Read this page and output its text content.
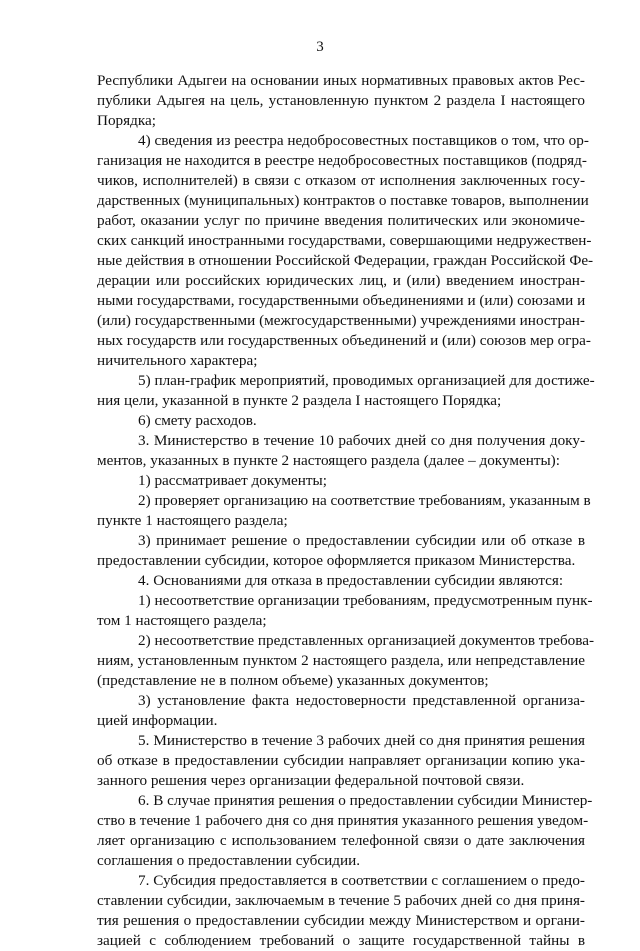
3
Республики Адыгеи на основании иных нормативных правовых актов Рес-
публики Адыгея на цель, установленную пунктом 2 раздела I настоящего
Порядка;
4) сведения из реестра недобросовестных поставщиков о том, что ор-
ганизация не находится в реестре недобросовестных поставщиков (подряд-
чиков, исполнителей) в связи с отказом от исполнения заключенных госу-
дарственных (муниципальных) контрактов о поставке товаров, выполнении
работ, оказании услуг по причине введения политических или экономиче-
ских санкций иностранными государствами, совершающими недружествен-
ные действия в отношении Российской Федерации, граждан Российской Фе-
дерации или российских юридических лиц, и (или) введением иностран-
ными государствами, государственными объединениями и (или) союзами и
(или) государственными (межгосударственными) учреждениями иностран-
ных государств или государственных объединений и (или) союзов мер огра-
ничительного характера;
5) план-график мероприятий, проводимых организацией для достиже-
ния цели, указанной в пункте 2 раздела I настоящего Порядка;
6) смету расходов.
3. Министерство в течение 10 рабочих дней со дня получения доку-
ментов, указанных в пункте 2 настоящего раздела (далее – документы):
1) рассматривает документы;
2) проверяет организацию на соответствие требованиям, указанным в
пункте 1 настоящего раздела;
3) принимает решение о предоставлении субсидии или об отказе в
предоставлении субсидии, которое оформляется приказом Министерства.
4. Основаниями для отказа в предоставлении субсидии являются:
1) несоответствие организации требованиям, предусмотренным пунк-
том 1 настоящего раздела;
2) несоответствие представленных организацией документов требова-
ниям, установленным пунктом 2 настоящего раздела, или непредставление
(представление не в полном объеме) указанных документов;
3) установление факта недостоверности представленной организа-
цией информации.
5. Министерство в течение 3 рабочих дней со дня принятия решения
об отказе в предоставлении субсидии направляет организации копию ука-
занного решения через организации федеральной почтовой связи.
6. В случае принятия решения о предоставлении субсидии Министер-
ство в течение 1 рабочего дня со дня принятия указанного решения уведом-
ляет организацию с использованием телефонной связи о дате заключения
соглашения о предоставлении субсидии.
7. Субсидия предоставляется в соответствии с соглашением о предо-
ставлении субсидии, заключаемым в течение 5 рабочих дней со дня приня-
тия решения о предоставлении субсидии между Министерством и органи-
зацией с соблюдением требований о защите государственной тайны в
